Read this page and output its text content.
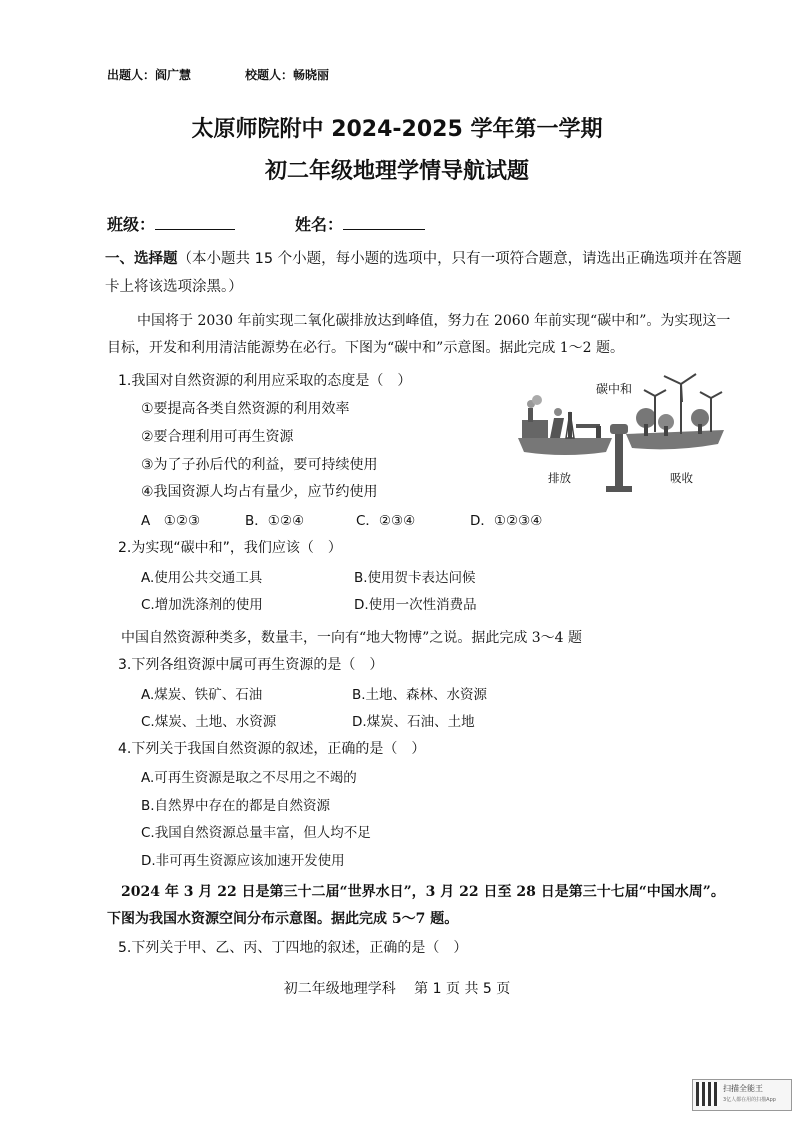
出题人：阎广慧	校题人：畅晓丽
太原师院附中 2024-2025 学年第一学期
初二年级地理学情导航试题
班级：	姓名：
一、选择题（本小题共 15 个小题，每小题的选项中，只有一项符合题意，请选出正确选项并在答题卡上将该选项涂黑。）
中国将于 2030 年前实现二氧化碳排放达到峰值，努力在 2060 年前实现“碳中和”。为实现这一目标，开发和利用清洁能源势在必行。下图为“碳中和”示意图。据此完成 1～2 题。
1.我国对自然资源的利用应采取的态度是（　）
①要提高各类自然资源的利用效率
②要合理利用可再生资源
③为了子孙后代的利益，要可持续使用
④我国资源人均占有量少，应节约使用
A　①②③	B．①②④	C．②③④	D．①②③④
碳中和
排放	吸收
2.为实现“碳中和”，我们应该（　）
A.使用公共交通工具	B.使用贺卡表达问候
C.增加洗涤剂的使用	D.使用一次性消费品
中国自然资源种类多，数量丰，一向有“地大物博”之说。据此完成 3～4 题
3.下列各组资源中属可再生资源的是（　）
A.煤炭、铁矿、石油	B.土地、森林、水资源
C.煤炭、土地、水资源	D.煤炭、石油、土地
4.下列关于我国自然资源的叙述，正确的是（　）
A.可再生资源是取之不尽用之不竭的
B.自然界中存在的都是自然资源
C.我国自然资源总量丰富，但人均不足
D.非可再生资源应该加速开发使用
2024 年 3 月 22 日是第三十二届“世界水日”，3 月 22 日至 28 日是第三十七届“中国水周”。下图为我国水资源空间分布示意图。据此完成 5～7 题。
5.下列关于甲、乙、丙、丁四地的叙述，正确的是（　）
初二年级地理学科　 第 1 页 共 5 页
扫描全能王
3亿人都在用的扫描App
